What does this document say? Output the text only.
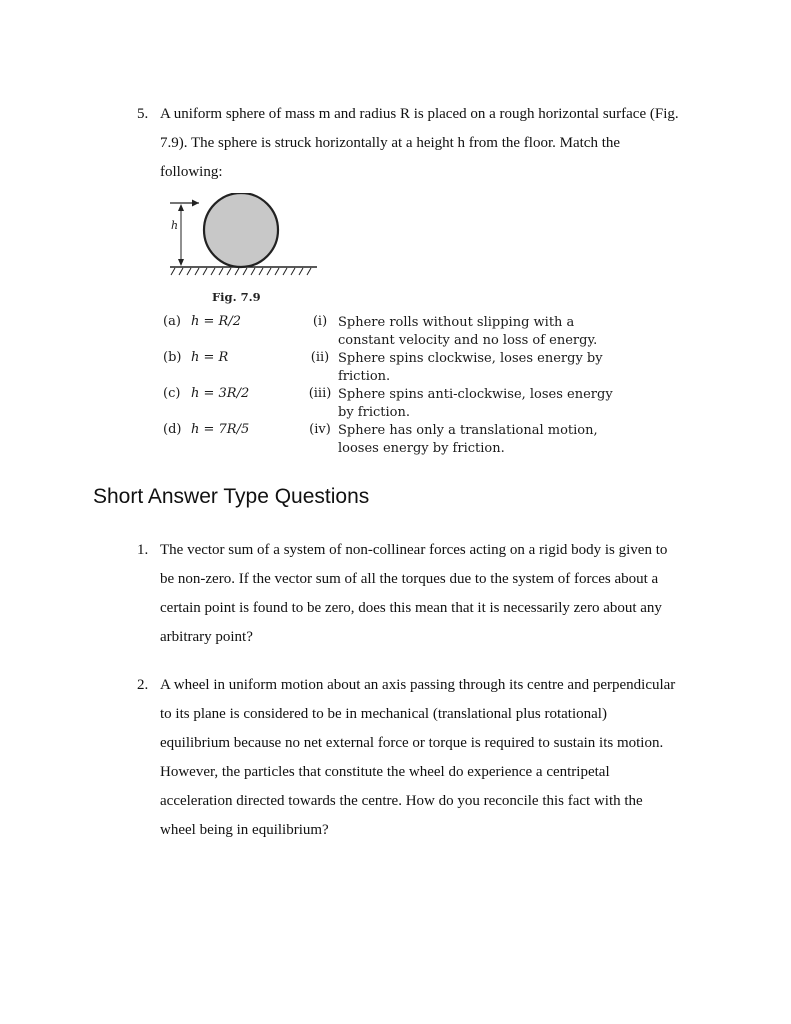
5. A uniform sphere of mass m and radius R is placed on a rough horizontal surface (Fig.
7.9). The sphere is struck horizontally at a height h from the floor. Match the
following:
h
Fig. 7.9
(a) h = R/2	(i) Sphere rolls without slipping with a
constant velocity and no loss of energy.
(b) h = R	(ii) Sphere spins clockwise, loses energy by
friction.
(c) h = 3R/2	(iii) Sphere spins anti-clockwise, loses energy
by friction.
(d) h = 7R/5	(iv) Sphere has only a translational motion,
looses energy by friction.
Short Answer Type Questions
1. The vector sum of a system of non-collinear forces acting on a rigid body is given to
be non-zero. If the vector sum of all the torques due to the system of forces about a
certain point is found to be zero, does this mean that it is necessarily zero about any
arbitrary point?
2. A wheel in uniform motion about an axis passing through its centre and perpendicular
to its plane is considered to be in mechanical (translational plus rotational)
equilibrium because no net external force or torque is required to sustain its motion.
However, the particles that constitute the wheel do experience a centripetal
acceleration directed towards the centre. How do you reconcile this fact with the
wheel being in equilibrium?
